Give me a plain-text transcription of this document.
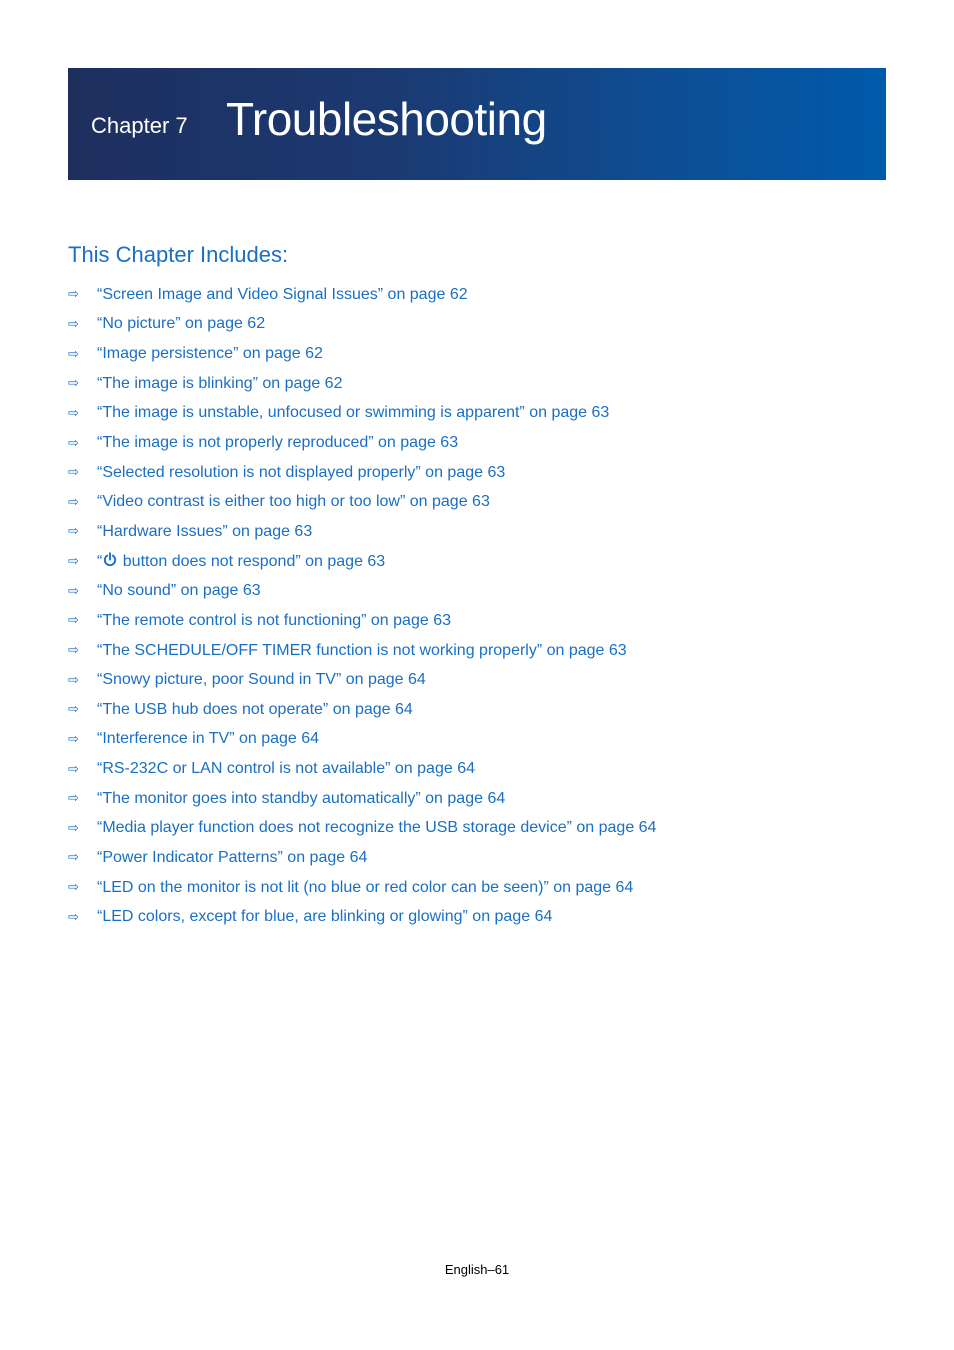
Chapter 7 Troubleshooting
This Chapter Includes:
⇨	“Screen Image and Video Signal Issues” on page 62
⇨	“No picture” on page 62
⇨	“Image persistence” on page 62
⇨	“The image is blinking” on page 62
⇨	“The image is unstable, unfocused or swimming is apparent” on page 63
⇨	“The image is not properly reproduced” on page 63
⇨	“Selected resolution is not displayed properly” on page 63
⇨	“Video contrast is either too high or too low” on page 63
⇨	“Hardware Issues” on page 63
⇨	“ button does not respond” on page 63
⇨	“No sound” on page 63
⇨	“The remote control is not functioning” on page 63
⇨	“The SCHEDULE/OFF TIMER function is not working properly” on page 63
⇨	“Snowy picture, poor Sound in TV” on page 64
⇨	“The USB hub does not operate” on page 64
⇨	“Interference in TV” on page 64
⇨	“RS-232C or LAN control is not available” on page 64
⇨	“The monitor goes into standby automatically” on page 64
⇨	“Media player function does not recognize the USB storage device” on page 64
⇨	“Power Indicator Patterns” on page 64
⇨	“LED on the monitor is not lit (no blue or red color can be seen)” on page 64
⇨	“LED colors, except for blue, are blinking or glowing” on page 64
English–61
